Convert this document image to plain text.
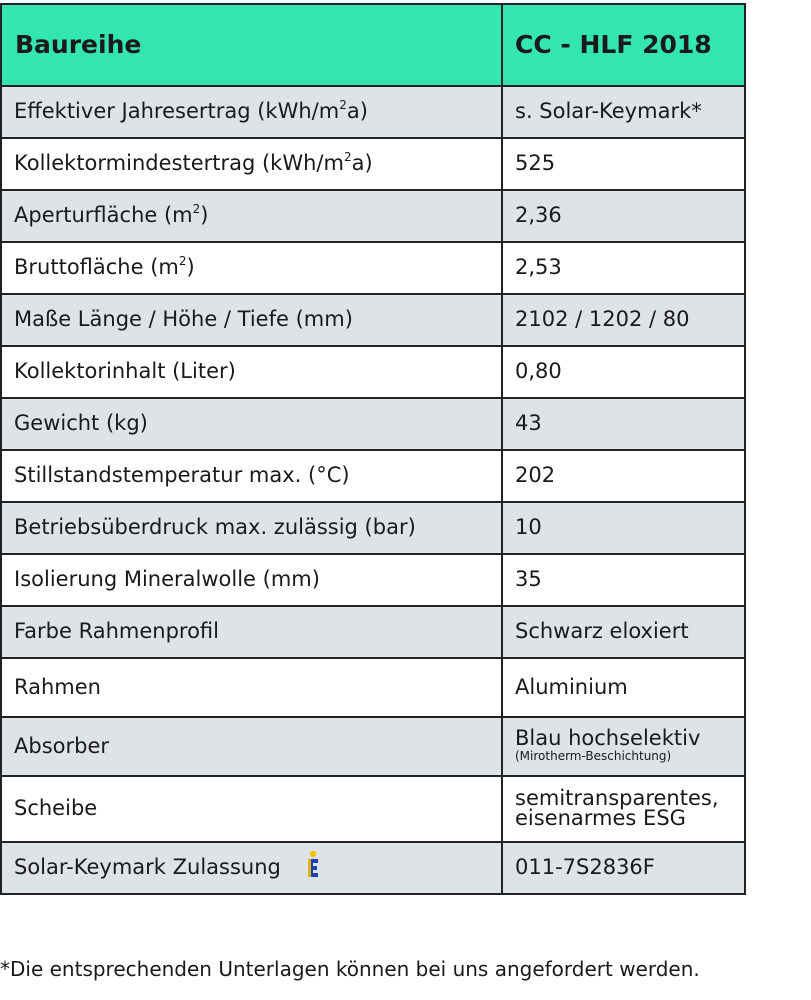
Baureihe	CC - HLF 2018
Effektiver Jahresertrag $(kWh/m^2a)$	s. Solar-Keymark*
Kollektormindestertrag $(kWh/m^2a)$	525
Aperturfläche $(m^2)$	2,36
Bruttofläche $(m^2)$	2,53
Maße Länge / Höhe / Tiefe (mm)	2102 / 1202 / 80
Kollektorinhalt (Liter)	0,80
Gewicht (kg)	43
Stillstandstemperatur max. (°C)	202
Betriebsüberdruck max. zulässig (bar)	10
Isolierung Mineralwolle (mm)	35
Farbe Rahmenprofil	Schwarz eloxiert
Rahmen	Aluminium
Absorber	Blau hochselektiv
(Mirotherm-Beschichtung)

Scheibe	semitransparentes,
eisenarmes ESG

Solar-Keymark Zulassung	011-7S2836F
*Die entsprechenden Unterlagen können bei uns angefordert werden.
